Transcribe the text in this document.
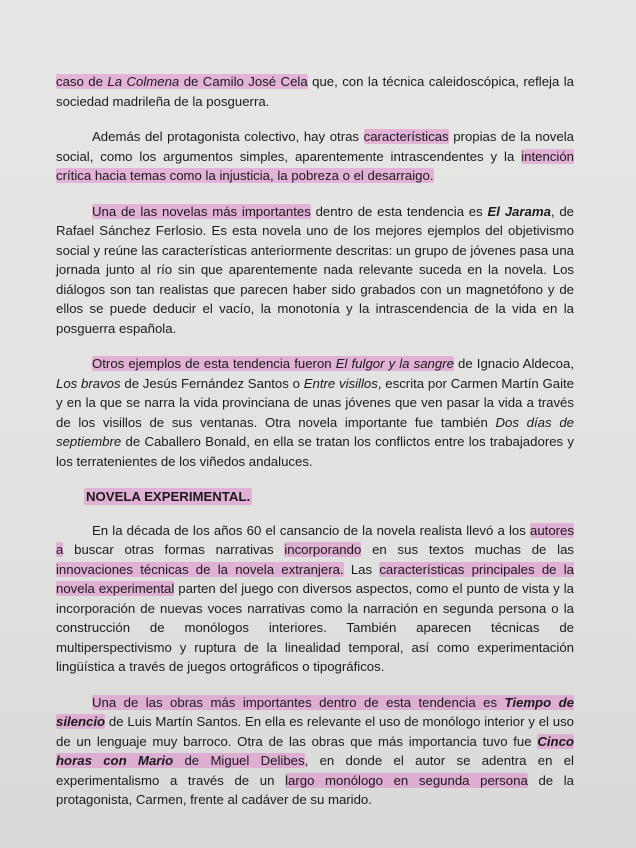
caso de La Colmena de Camilo José Cela que, con la técnica caleidoscópica, refleja la sociedad madrileña de la posguerra.

Además del protagonista colectivo, hay otras características propias de la novela social, como los argumentos simples, aparentemente intrascendentes y la intención crítica hacia temas como la injusticia, la pobreza o el desarraigo.

Una de las novelas más importantes dentro de esta tendencia es El Jarama, de Rafael Sánchez Ferlosio. Es esta novela uno de los mejores ejemplos del objetivismo social y reúne las características anteriormente descritas: un grupo de jóvenes pasa una jornada junto al río sin que aparentemente nada relevante suceda en la novela. Los diálogos son tan realistas que parecen haber sido grabados con un magnetófono y de ellos se puede deducir el vacío, la monotonía y la intrascendencia de la vida en la posguerra española.

Otros ejemplos de esta tendencia fueron El fulgor y la sangre de Ignacio Aldecoa, Los bravos de Jesús Fernández Santos o Entre visillos, escrita por Carmen Martín Gaite y en la que se narra la vida provinciana de unas jóvenes que ven pasar la vida a través de los visillos de sus ventanas. Otra novela importante fue también Dos días de septiembre de Caballero Bonald, en ella se tratan los conflictos entre los trabajadores y los terratenientes de los viñedos andaluces.

NOVELA EXPERIMENTAL.

En la década de los años 60 el cansancio de la novela realista llevó a los autores a buscar otras formas narrativas incorporando en sus textos muchas de las innovaciones técnicas de la novela extranjera. Las características principales de la novela experimental parten del juego con diversos aspectos, como el punto de vista y la incorporación de nuevas voces narrativas como la narración en segunda persona o la construcción de monólogos interiores. También aparecen técnicas de multiperspectivismo y ruptura de la linealidad temporal, así como experimentación lingüística a través de juegos ortográficos o tipográficos.

Una de las obras más importantes dentro de esta tendencia es Tiempo de silencio de Luis Martín Santos. En ella es relevante el uso de monólogo interior y el uso de un lenguaje muy barroco. Otra de las obras que más importancia tuvo fue Cinco horas con Mario de Miguel Delibes, en donde el autor se adentra en el experimentalismo a través de un largo monólogo en segunda persona de la protagonista, Carmen, frente al cadáver de su marido.
